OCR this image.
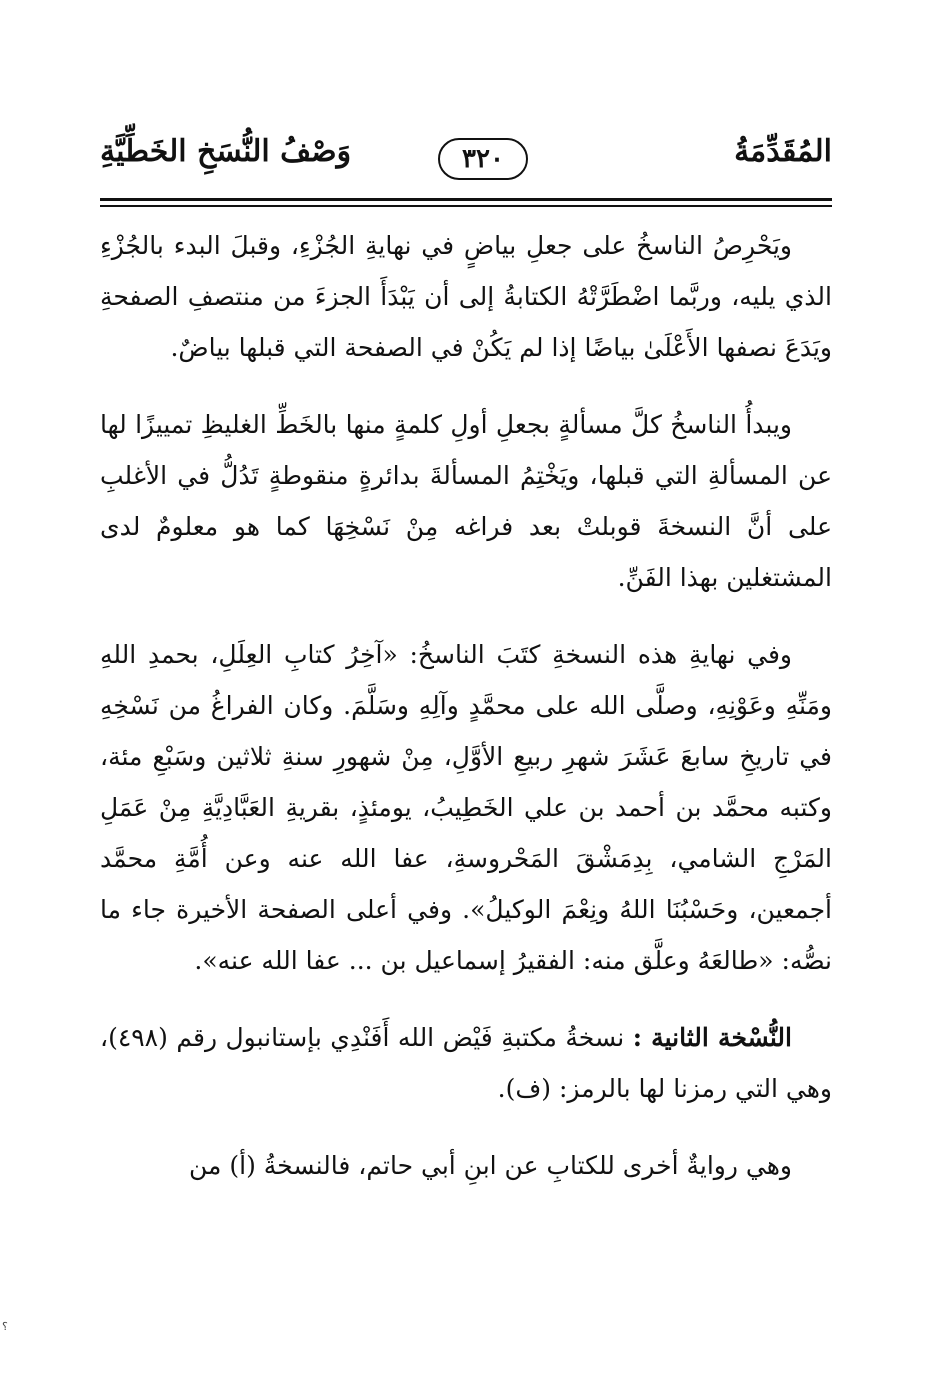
المُقَدِّمَةُ
٣٢٠
وَصْفُ النُّسَخِ الخَطِّيَّةِ

ويَحْرِصُ الناسخُ على جعلِ بياضٍ في نهايةِ الجُزْءِ، وقبلَ البدء بالجُزْءِ الذي يليه، وربَّما اضْطَرَّتْهُ الكتابةُ إلى أن يَبْدَأَ الجزءَ من منتصفِ الصفحةِ ويَدَعَ نصفها الأَعْلَىٰ بياضًا إذا لم يَكُنْ في الصفحة التي قبلها بياضٌ.

ويبدأُ الناسخُ كلَّ مسألةٍ بجعلِ أولِ كلمةٍ منها بالخَطِّ الغليظِ تمييزًا لها عن المسألةِ التي قبلها، ويَخْتِمُ المسألةَ بدائرةٍ منقوطةٍ تَدُلُّ في الأغلبِ على أنَّ النسخةَ قوبلتْ بعد فراغه مِنْ نَسْخِهَا كما هو معلومٌ لدى المشتغلين بهذا الفَنِّ.

وفي نهايةِ هذه النسخةِ كتَبَ الناسخُ: «آخِرُ كتابِ العِلَلِ، بحمدِ اللهِ ومَنِّهِ وعَوْنِهِ، وصلَّى الله على محمَّدٍ وآلِهِ وسَلَّمَ. وكان الفراغُ من نَسْخِهِ في تاريخِ سابعَ عَشَرَ شهرِ ربيعِ الأوَّلِ، مِنْ شهورِ سنةِ ثلاثين وسَبْعِ مئة، وكتبه محمَّد بن أحمد بن علي الخَطِيبُ، يومئذٍ، بقريةِ العَبَّادِيَّةِ مِنْ عَمَلِ المَرْجِ الشامي، بِدِمَشْقَ المَحْروسةِ، عفا الله عنه وعن أُمَّةِ محمَّد أجمعين، وحَسْبُنَا اللهُ ونِعْمَ الوكيلُ». وفي أعلى الصفحة الأخيرة جاء ما نصُّه: «طالعَهُ وعلَّق منه: الفقيرُ إسماعيل بن ... عفا الله عنه».

النُّسْخة الثانية : نسخةُ مكتبةِ فَيْض الله أَفَنْدِي بإستانبول رقم (٤٩٨)، وهي التي رمزنا لها بالرمز: (ف).

وهي روايةٌ أخرى للكتابِ عن ابنِ أبي حاتم، فالنسخةُ (أ) من

؟
